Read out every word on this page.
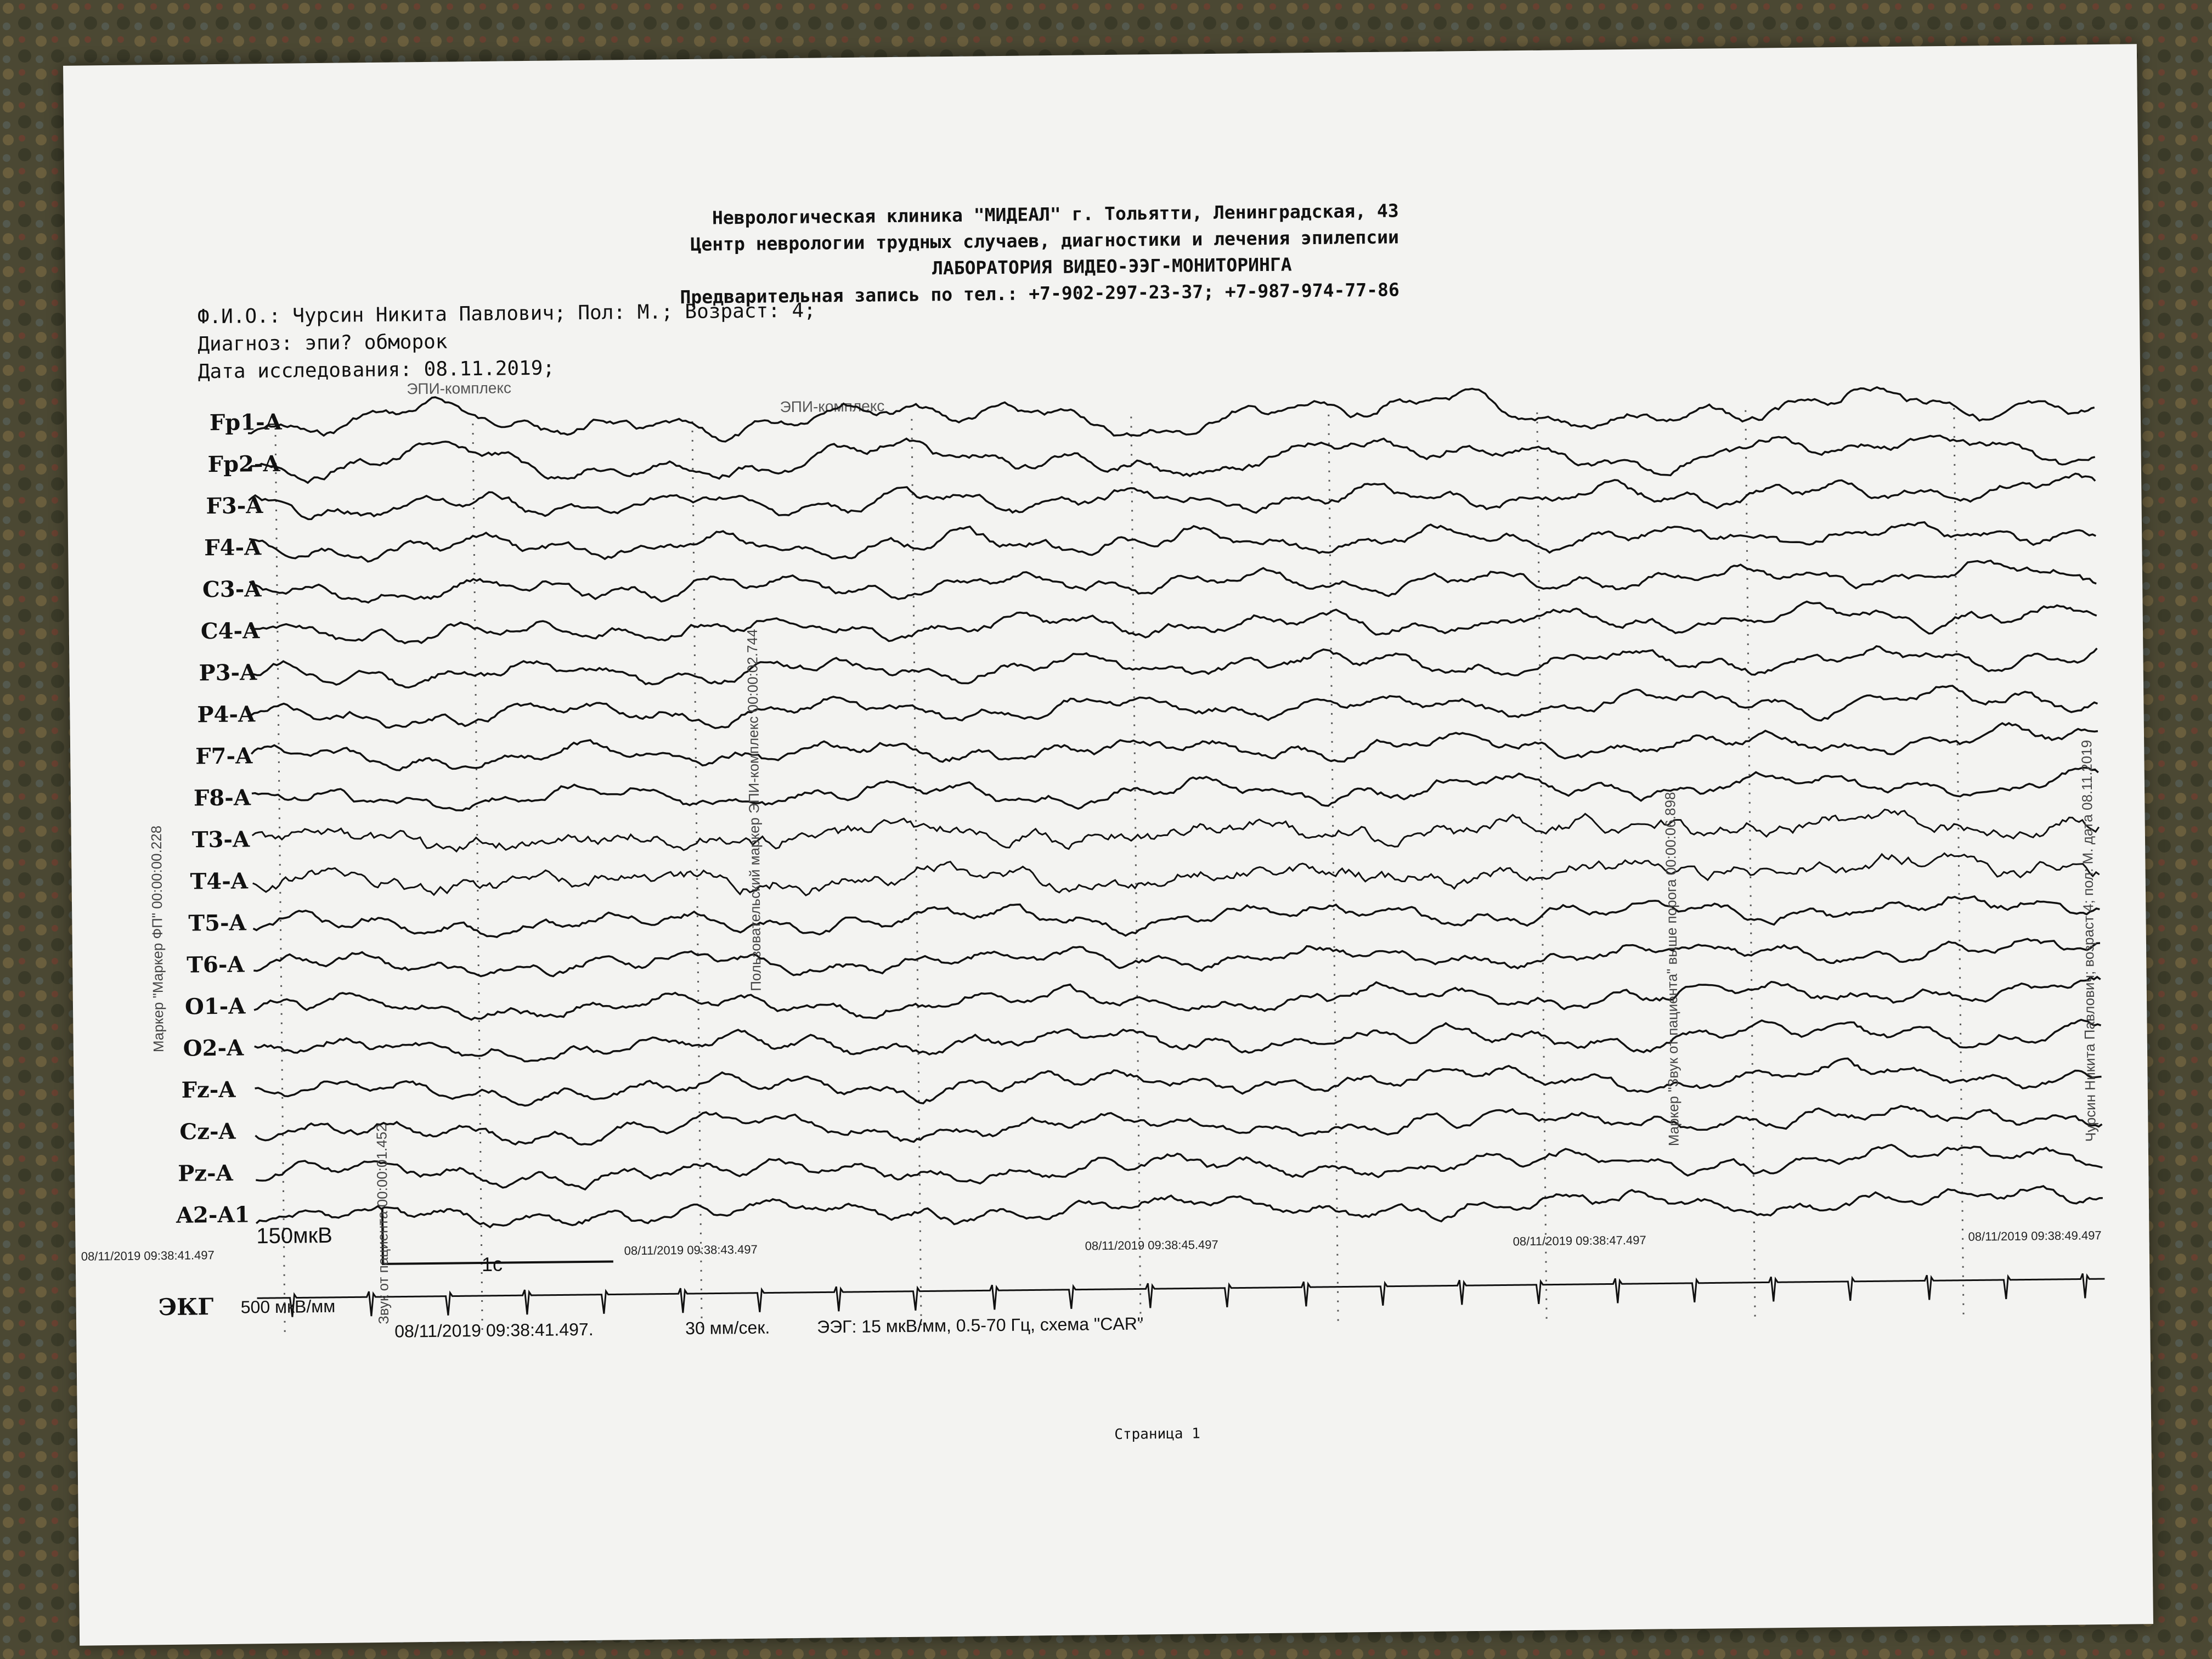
Неврологическая клиника "МИДЕАЛ" г. Тольятти, Ленинградская, 43
Центр неврологии трудных случаев, диагностики и лечения эпилепсии
ЛАБОРАТОРИЯ ВИДЕО-ЭЭГ-МОНИТОРИНГА
Предварительная запись по тел.: +7-902-297-23-37; +7-987-974-77-86
Ф.И.О.: Чурсин Никита Павлович; Пол: М.; Возраст: 4;
Диагноз: эпи? обморок
Дата исследования: 08.11.2019;
ЭПИ-комплекс
ЭПИ-комплекс
Fp1-A
Fp2-A
F3-A
F4-A
C3-A
C4-A
P3-A
P4-A
F7-A
F8-A
T3-A
T4-A
T5-A
T6-A
O1-A
O2-A
Fz-A
Cz-A
Pz-A
A2-A1
08/11/2019 09:38:41.497	08/11/2019 09:38:43.497	08/11/2019 09:38:45.497	08/11/2019 09:38:47.497	08/11/2019 09:38:49.497
ЭКГ 500 мкВ/мм
150мкВ
1с
08/11/2019 09:38:41.497.	30 мм/сек.	ЭЭГ: 15 мкВ/мм, 0.5-70 Гц, схема "CAR"
Страница 1
Маркер "Маркер ФП" 00:00:00.228
Звук от пациента 00:00:01.452
Пользовательский маркер ЭПИ-комплекс 00:00:02.744	Маркер "Звук от пациента" выше порога 00:00:06.898	Чурсин Никита Павлович; возраст 4; пол: М. дата 08.11.2019
